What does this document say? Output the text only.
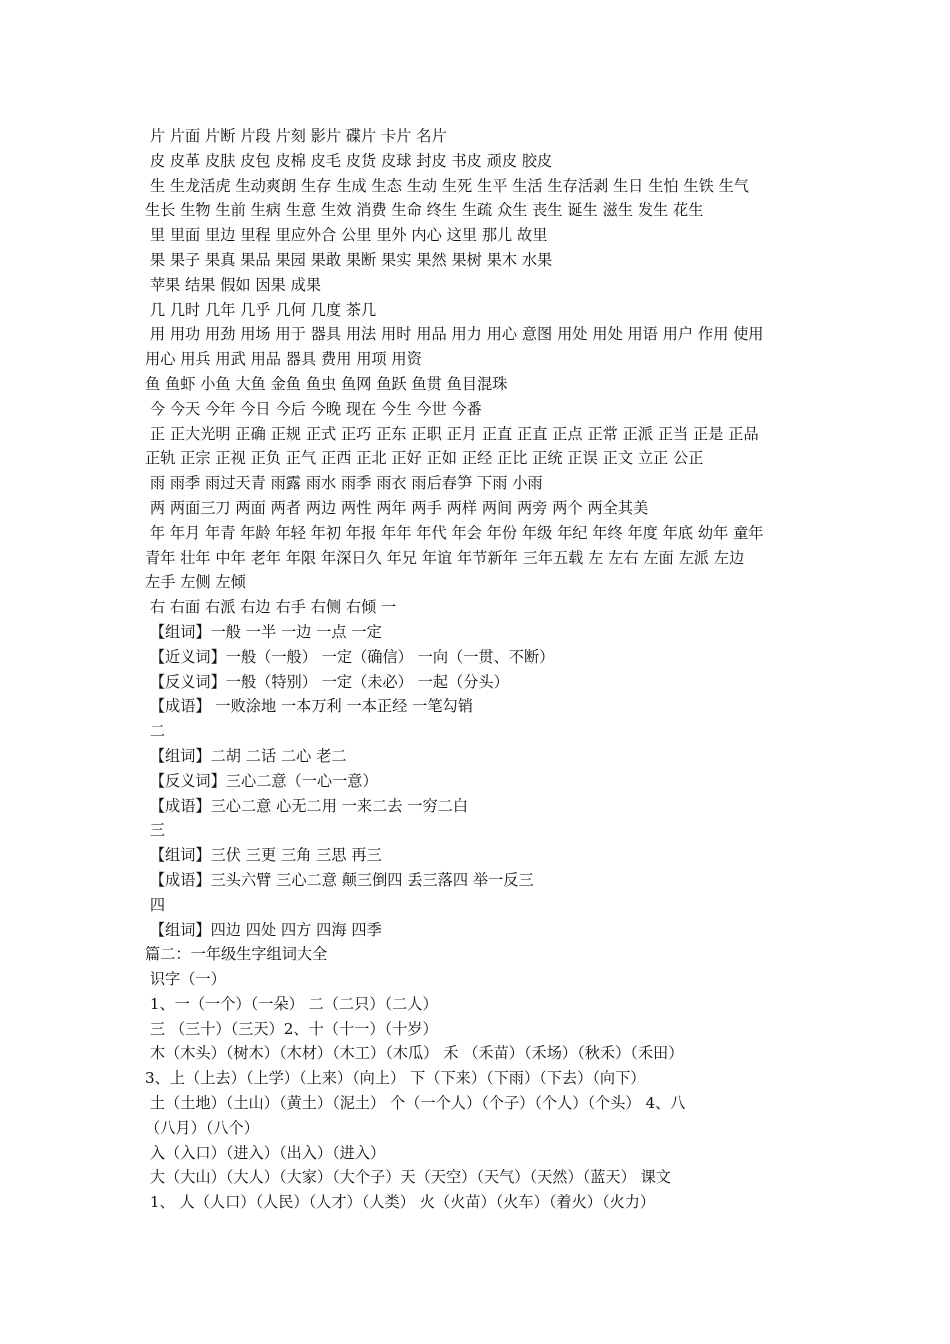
片 片面 片断 片段 片刻 影片 碟片 卡片 名片
皮 皮革 皮肤 皮包 皮棉 皮毛 皮货 皮球 封皮 书皮 顽皮 胶皮
生 生龙活虎 生动爽朗 生存 生成 生态 生动 生死 生平 生活 生存活剥 生日 生怕 生铁 生气
生长 生物 生前 生病 生意 生效 消费 生命 终生 生疏 众生 丧生 诞生 滋生 发生 花生
里 里面 里边 里程 里应外合 公里 里外 内心 这里 那儿 故里
果 果子 果真 果品 果园 果敢 果断 果实 果然 果树 果木 水果
苹果 结果 假如 因果 成果
几 几时 几年 几乎 几何 几度 茶几
用 用功 用劲 用场 用于 器具 用法 用时 用品 用力 用心 意图 用处 用处 用语 用户 作用 使用
用心 用兵 用武 用品 器具 费用 用项 用资
鱼 鱼虾 小鱼 大鱼 金鱼 鱼虫 鱼网 鱼跃 鱼贯 鱼目混珠
今 今天 今年 今日 今后 今晚 现在 今生 今世 今番
正 正大光明 正确 正规 正式 正巧 正东 正职 正月 正直 正直 正点 正常 正派 正当 正是 正品
正轨 正宗 正视 正负 正气 正西 正北 正好 正如 正经 正比 正统 正误 正文 立正 公正
雨 雨季 雨过天青 雨露 雨水 雨季 雨衣 雨后春笋 下雨 小雨
两 两面三刀 两面 两者 两边 两性 两年 两手 两样 两间 两旁 两个 两全其美
年 年月 年青 年龄 年轻 年初 年报 年年 年代 年会 年份 年级 年纪 年终 年度 年底 幼年 童年
青年 壮年 中年 老年 年限 年深日久 年兄 年谊 年节新年 三年五载 左 左右 左面 左派 左边
左手 左侧 左倾
右 右面 右派 右边 右手 右侧 右倾 一
【组词】一般 一半 一边 一点 一定
【近义词】一般（一般） 一定（确信） 一向（一贯、不断）
【反义词】一般（特别） 一定（未必） 一起（分头）
【成语】 一败涂地 一本万利 一本正经 一笔勾销
二
【组词】二胡 二话 二心 老二
【反义词】三心二意（一心一意）
【成语】三心二意 心无二用 一来二去 一穷二白
三
【组词】三伏 三更 三角 三思 再三
【成语】三头六臂 三心二意 颠三倒四 丢三落四 举一反三
四
【组词】四边 四处 四方 四海 四季
篇二：一年级生字组词大全
识字（一）
1、一（一个）（一朵） 二（二只）（二人）
三 （三十）（三天）2、十（十一）（十岁）
木（木头）（树木）（木材）（木工）（木瓜） 禾 （禾苗）（禾场）（秋禾）（禾田）
3、上（上去）（上学）（上来）（向上） 下（下来）（下雨）（下去）（向下）
土（土地）（土山）（黄土）（泥土） 个（一个人）（个子）（个人）（个头） 4、八
（八月）（八个）
入（入口）（进入）（出入）（进入）
大（大山）（大人）（大家）（大个子）天（天空）（天气）（天然）（蓝天） 课文
1、 人（人口）（人民）（人才）（人类） 火（火苗）（火车）（着火）（火力）
